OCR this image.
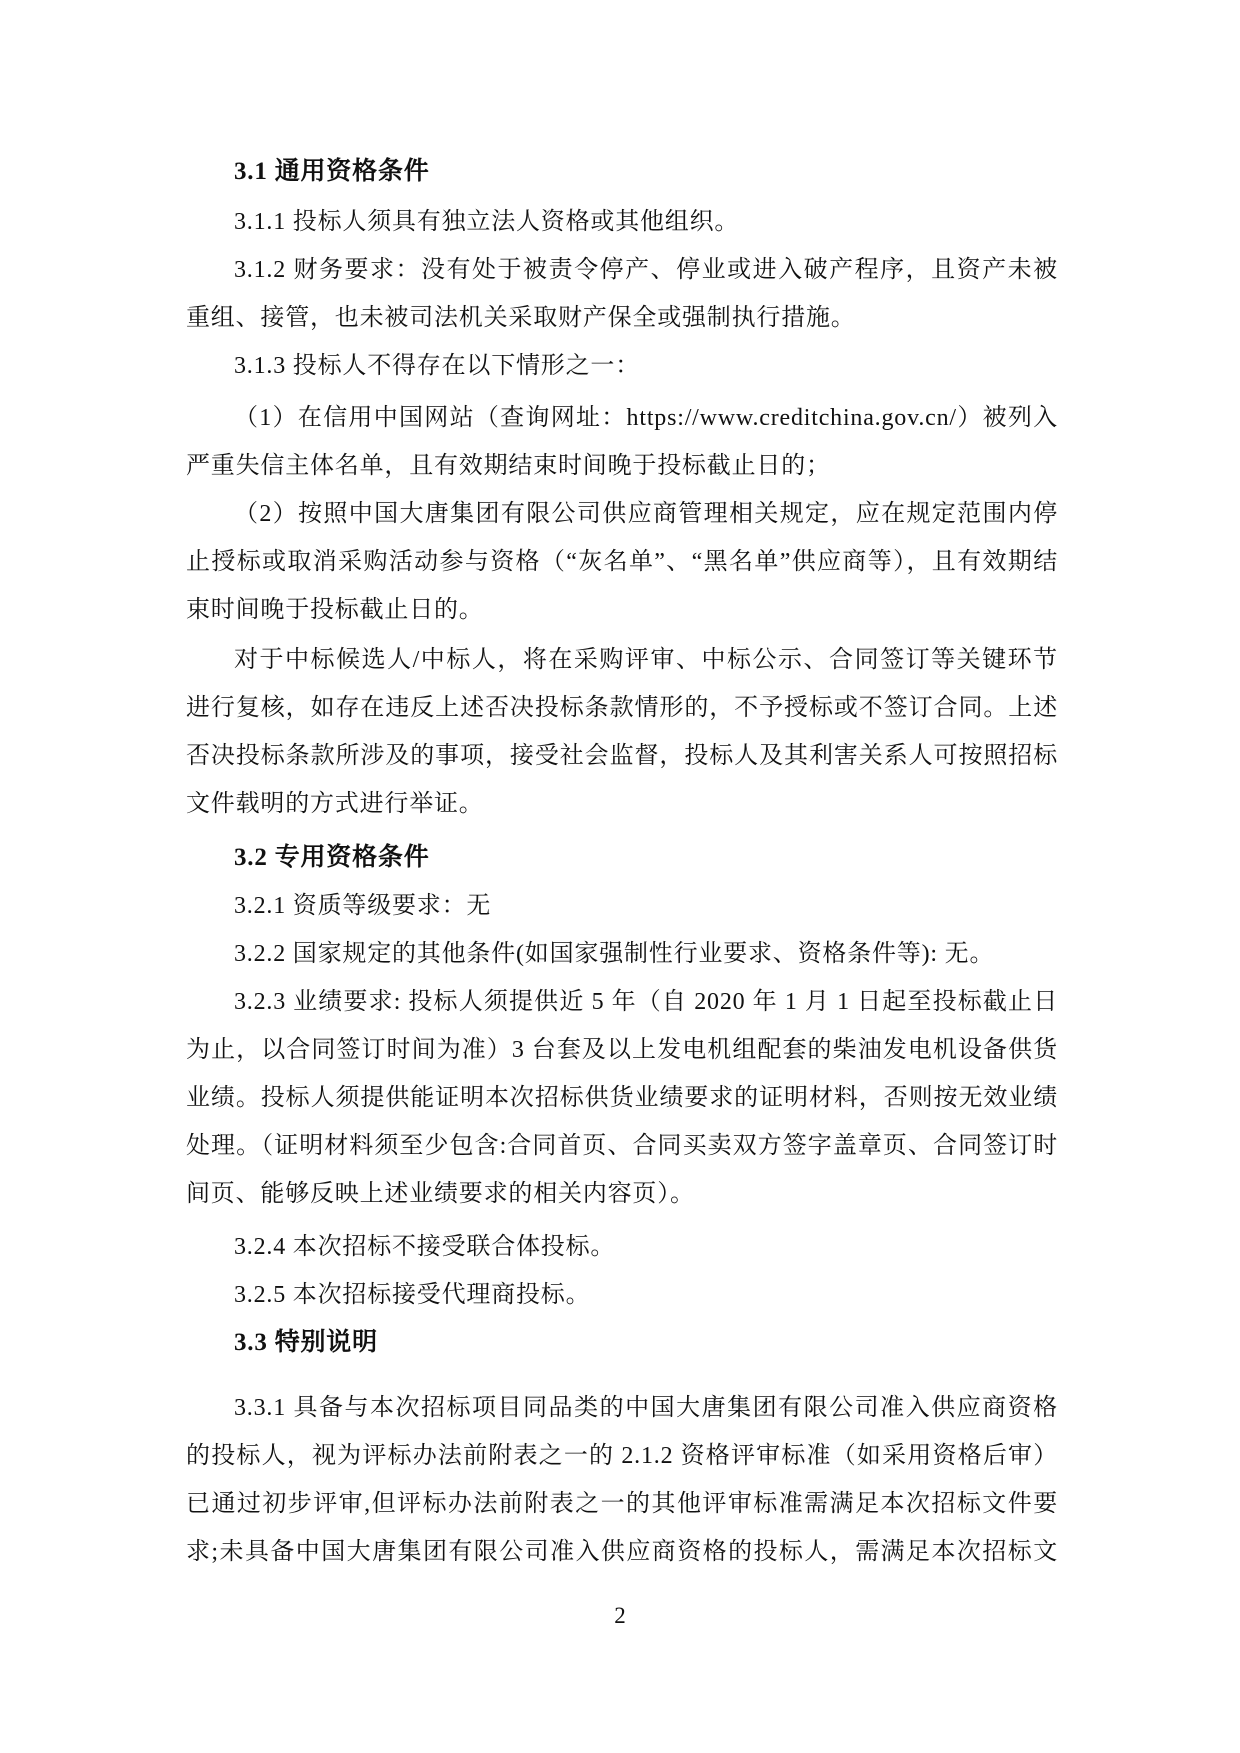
3.1 通用资格条件

3.1.1 投标人须具有独立法人资格或其他组织。

3.1.2 财务要求：没有处于被责令停产、停业或进入破产程序，且资产未被重组、接管，也未被司法机关采取财产保全或强制执行措施。

3.1.3 投标人不得存在以下情形之一：

（1）在信用中国网站（查询网址：https://www.creditchina.gov.cn/）被列入严重失信主体名单，且有效期结束时间晚于投标截止日的；

（2）按照中国大唐集团有限公司供应商管理相关规定，应在规定范围内停止授标或取消采购活动参与资格（“灰名单”、“黑名单”供应商等），且有效期结束时间晚于投标截止日的。

对于中标候选人/中标人，将在采购评审、中标公示、合同签订等关键环节进行复核，如存在违反上述否决投标条款情形的，不予授标或不签订合同。上述否决投标条款所涉及的事项，接受社会监督，投标人及其利害关系人可按照招标文件载明的方式进行举证。

3.2 专用资格条件

3.2.1 资质等级要求：无

3.2.2 国家规定的其他条件(如国家强制性行业要求、资格条件等): 无。

3.2.3 业绩要求: 投标人须提供近 5 年（自 2020 年 1 月 1 日起至投标截止日为止，以合同签订时间为准）3 台套及以上发电机组配套的柴油发电机设备供货业绩。投标人须提供能证明本次招标供货业绩要求的证明材料，否则按无效业绩处理。（证明材料须至少包含:合同首页、合同买卖双方签字盖章页、合同签订时间页、能够反映上述业绩要求的相关内容页）。

3.2.4 本次招标不接受联合体投标。

3.2.5 本次招标接受代理商投标。

3.3 特别说明

3.3.1 具备与本次招标项目同品类的中国大唐集团有限公司准入供应商资格的投标人，视为评标办法前附表之一的 2.1.2 资格评审标准（如采用资格后审）已通过初步评审,但评标办法前附表之一的其他评审标准需满足本次招标文件要求;未具备中国大唐集团有限公司准入供应商资格的投标人，需满足本次招标文

2
